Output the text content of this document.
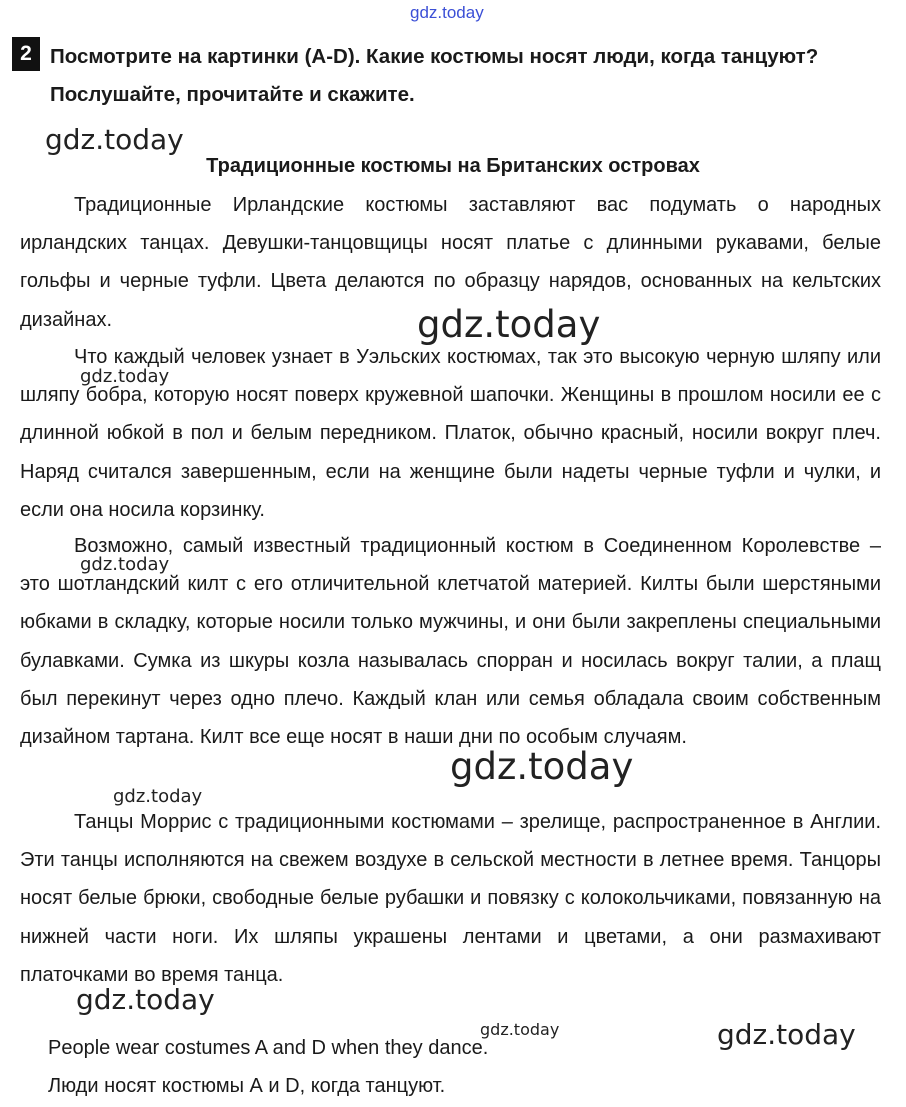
gdz.today
gdz.today
gdz.today
gdz.today
gdz.today
gdz.today
gdz.today
gdz.today
gdz.today	gdz.today
2 Посмотрите на картинки (A-D). Какие костюмы носят люди, когда танцуют? Послушайте, прочитайте и скажите.
Традиционные костюмы на Британских островах

Традиционные Ирландские костюмы заставляют вас подумать о народных ирландских танцах. Девушки-танцовщицы носят платье с длинными рукавами, белые гольфы и черные туфли. Цвета делаются по образцу нарядов, основанных на кельтских дизайнах.

Что каждый человек узнает в Уэльских костюмах, так это высокую черную шляпу или шляпу бобра, которую носят поверх кружевной шапочки. Женщины в прошлом носили ее с длинной юбкой в пол и белым передником. Платок, обычно красный, носили вокруг плеч. Наряд считался завершенным, если на женщине были надеты черные туфли и чулки, и если она носила корзинку.

Возможно, самый известный традиционный костюм в Соединенном Королевстве – это шотландский килт с его отличительной клетчатой материей. Килты были шерстяными юбками в складку, которые носили только мужчины, и они были закреплены специальными булавками. Сумка из шкуры козла называлась спорран и носилась вокруг талии, а плащ был перекинут через одно плечо. Каждый клан или семья обладала своим собственным дизайном тартана. Килт все еще носят в наши дни по особым случаям.

Танцы Моррис с традиционными костюмами – зрелище, распространенное в Англии. Эти танцы исполняются на свежем воздухе в сельской местности в летнее время. Танцоры носят белые брюки, свободные белые рубашки и повязку с колокольчиками, повязанную на нижней части ноги. Их шляпы украшены лентами и цветами, а они размахивают платочками во время танца.

People wear costumes A and D when they dance.

Люди носят костюмы А и D, когда танцуют.
